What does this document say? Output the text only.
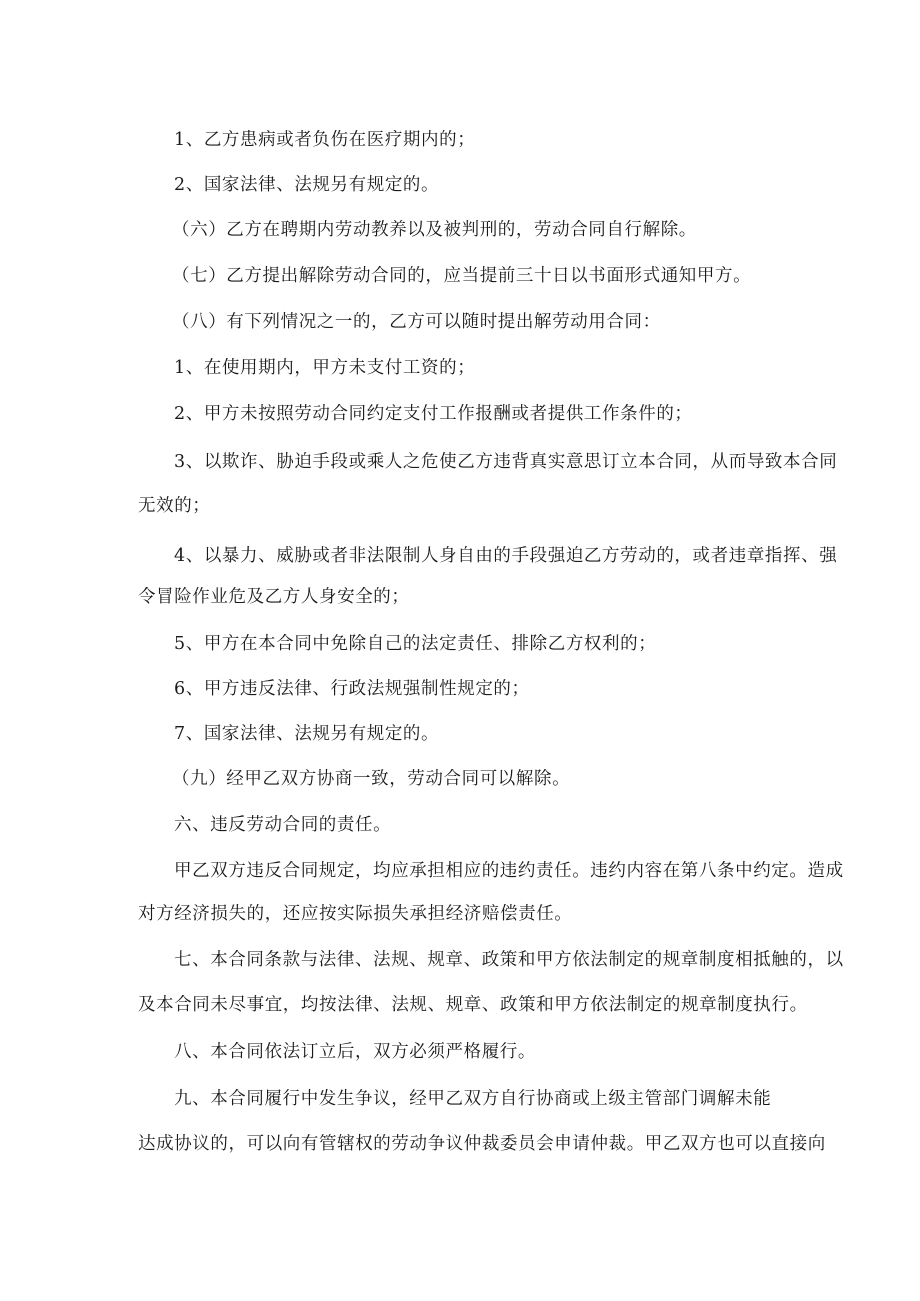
1、乙方患病或者负伤在医疗期内的；
2、国家法律、法规另有规定的。
（六）乙方在聘期内劳动教养以及被判刑的，劳动合同自行解除。
（七）乙方提出解除劳动合同的，应当提前三十日以书面形式通知甲方。
（八）有下列情况之一的，乙方可以随时提出解劳动用合同：
1、在使用期内，甲方未支付工资的；
2、甲方未按照劳动合同约定支付工作报酬或者提供工作条件的；
3、以欺诈、胁迫手段或乘人之危使乙方违背真实意思订立本合同，从而导致本合同
无效的；
4、以暴力、威胁或者非法限制人身自由的手段强迫乙方劳动的，或者违章指挥、强
令冒险作业危及乙方人身安全的；
5、甲方在本合同中免除自己的法定责任、排除乙方权利的；
6、甲方违反法律、行政法规强制性规定的；
7、国家法律、法规另有规定的。
（九）经甲乙双方协商一致，劳动合同可以解除。
六、违反劳动合同的责任。
甲乙双方违反合同规定，均应承担相应的违约责任。违约内容在第八条中约定。造成
对方经济损失的，还应按实际损失承担经济赔偿责任。
七、本合同条款与法律、法规、规章、政策和甲方依法制定的规章制度相抵触的，以
及本合同未尽事宜，均按法律、法规、规章、政策和甲方依法制定的规章制度执行。
八、本合同依法订立后，双方必须严格履行。
九、本合同履行中发生争议，经甲乙双方自行协商或上级主管部门调解未能
达成协议的，可以向有管辖权的劳动争议仲裁委员会申请仲裁。甲乙双方也可以直接向
